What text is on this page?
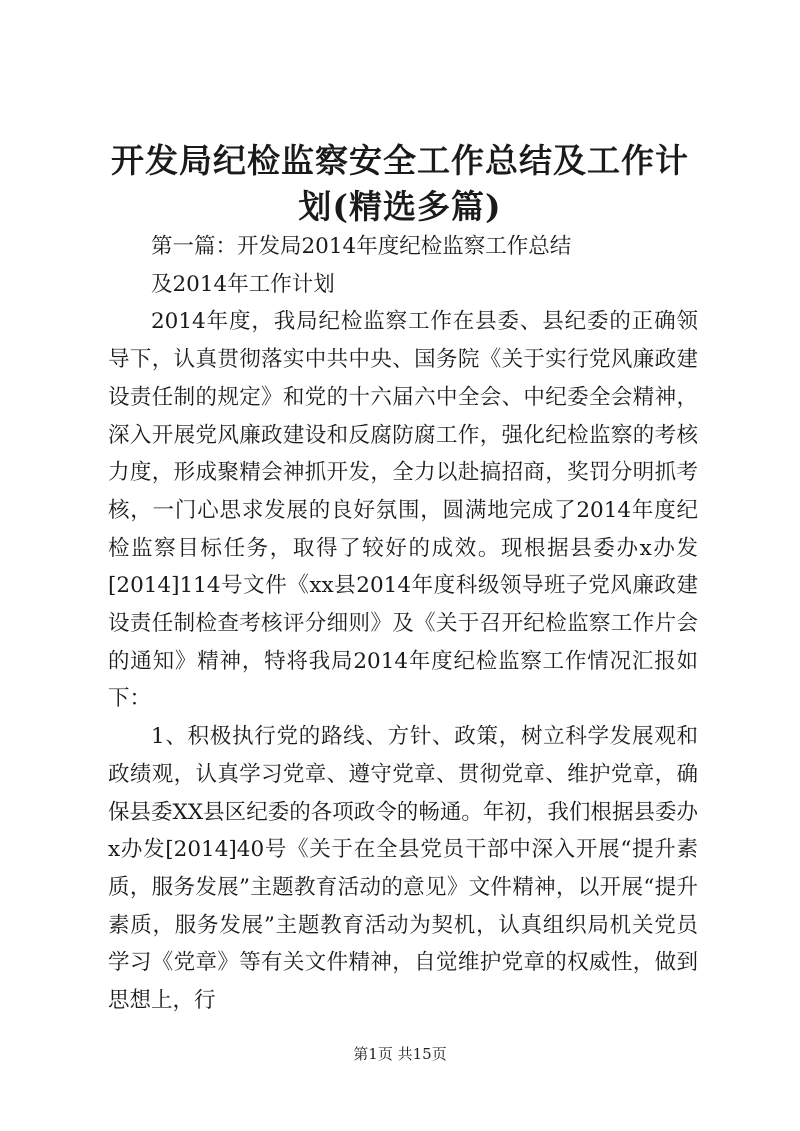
开发局纪检监察安全工作总结及工作计划(精选多篇)

第一篇：开发局2014年度纪检监察工作总结

及2014年工作计划

2014年度，我局纪检监察工作在县委、县纪委的正确领导下，认真贯彻落实中共中央、国务院《关于实行党风廉政建设责任制的规定》和党的十六届六中全会、中纪委全会精神，深入开展党风廉政建设和反腐防腐工作，强化纪检监察的考核力度，形成聚精会神抓开发，全力以赴搞招商，奖罚分明抓考核，一门心思求发展的良好氛围，圆满地完成了2014年度纪检监察目标任务，取得了较好的成效。现根据县委办x办发[2014]114号文件《xx县2014年度科级领导班子党风廉政建设责任制检查考核评分细则》及《关于召开纪检监察工作片会的通知》精神，特将我局2014年度纪检监察工作情况汇报如下：

1、积极执行党的路线、方针、政策，树立科学发展观和政绩观，认真学习党章、遵守党章、贯彻党章、维护党章，确保县委XX县区纪委的各项政令的畅通。年初，我们根据县委办x办发[2014]40号《关于在全县党员干部中深入开展“提升素质，服务发展”主题教育活动的意见》文件精神，以开展“提升素质，服务发展”主题教育活动为契机，认真组织局机关党员学习《党章》等有关文件精神，自觉维护党章的权威性，做到思想上，行

第1页 共15页
